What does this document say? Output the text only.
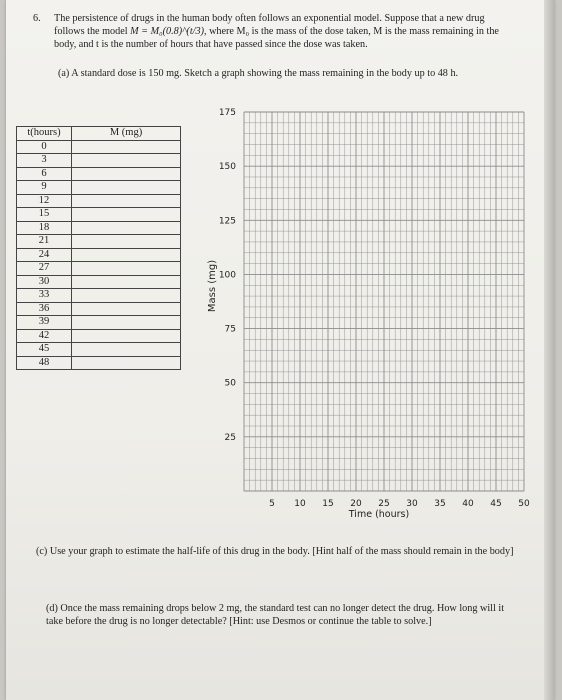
6. The persistence of drugs in the human body often follows an exponential model. Suppose that a new drug
follows the model M = M₀(0.8)^(t/3), where M₀ is the mass of the dose taken, M is the mass remaining in the
body, and t is the number of hours that have passed since the dose was taken.
(a) A standard dose is 150 mg. Sketch a graph showing the mass remaining in the body up to 48 h.
t(hours)	M (mg)
0	
3	
6	
9	
12	
15	
18	
21	
24	
27	
30	
33	
36	
39	
42	
45	
48	
25
50
75
100
125
150
175
5 10 15 20 25 30 35 40 45 50
Time (hours)
Mass (mg)
(c) Use your graph to estimate the half-life of this drug in the body. [Hint half of the mass should remain in the body]
(d) Once the mass remaining drops below 2 mg, the standard test can no longer detect the drug. How long will it take before the drug is no longer detectable? [Hint: use Desmos or continue the table to solve.]
